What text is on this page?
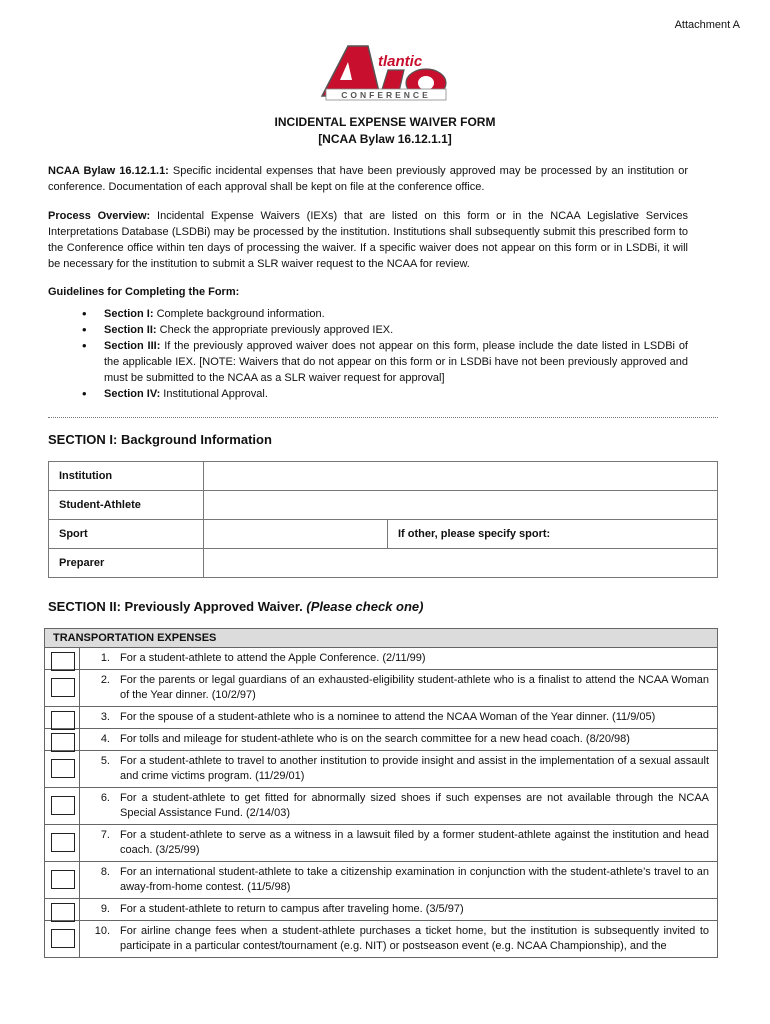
Attachment A
tlantic
CONFERENCE
INCIDENTAL EXPENSE WAIVER FORM
[NCAA Bylaw 16.12.1.1]
NCAA Bylaw 16.12.1.1: Specific incidental expenses that have been previously approved may be processed by an institution or conference. Documentation of each approval shall be kept on file at the conference office.
Process Overview: Incidental Expense Waivers (IEXs) that are listed on this form or in the NCAA Legislative Services Interpretations Database (LSDBi) may be processed by the institution. Institutions shall subsequently submit this prescribed form to the Conference office within ten days of processing the waiver. If a specific waiver does not appear on this form or in LSDBi, it will be necessary for the institution to submit a SLR waiver request to the NCAA for review.
Guidelines for Completing the Form:
• Section I: Complete background information.
• Section II: Check the appropriate previously approved IEX.
• Section III: If the previously approved waiver does not appear on this form, please include the date listed in LSDBi of the applicable IEX. [NOTE: Waivers that do not appear on this form or in LSDBi have not been previously approved and must be submitted to the NCAA as a SLR waiver request for approval]
• Section IV: Institutional Approval.
SECTION I: Background Information
Institution		
Student-Athlete		
Sport		If other, please specify sport:
Preparer		
SECTION II: Previously Approved Waiver. (Please check one)
TRANSPORTATION EXPENSES
1. For a student-athlete to attend the Apple Conference. (2/11/99)
2. For the parents or legal guardians of an exhausted-eligibility student-athlete who is a finalist to attend the NCAA Woman of the Year dinner. (10/2/97)
3. For the spouse of a student-athlete who is a nominee to attend the NCAA Woman of the Year dinner. (11/9/05)
4. For tolls and mileage for student-athlete who is on the search committee for a new head coach. (8/20/98)
5. For a student-athlete to travel to another institution to provide insight and assist in the implementation of a sexual assault and crime victims program. (11/29/01)
6. For a student-athlete to get fitted for abnormally sized shoes if such expenses are not available through the NCAA Special Assistance Fund. (2/14/03)
7. For a student-athlete to serve as a witness in a lawsuit filed by a former student-athlete against the institution and head coach. (3/25/99)
8. For an international student-athlete to take a citizenship examination in conjunction with the student-athlete’s travel to an away-from-home contest. (11/5/98)
9. For a student-athlete to return to campus after traveling home. (3/5/97)
10. For airline change fees when a student-athlete purchases a ticket home, but the institution is subsequently invited to participate in a particular contest/tournament (e.g. NIT) or postseason event (e.g. NCAA Championship), and the
